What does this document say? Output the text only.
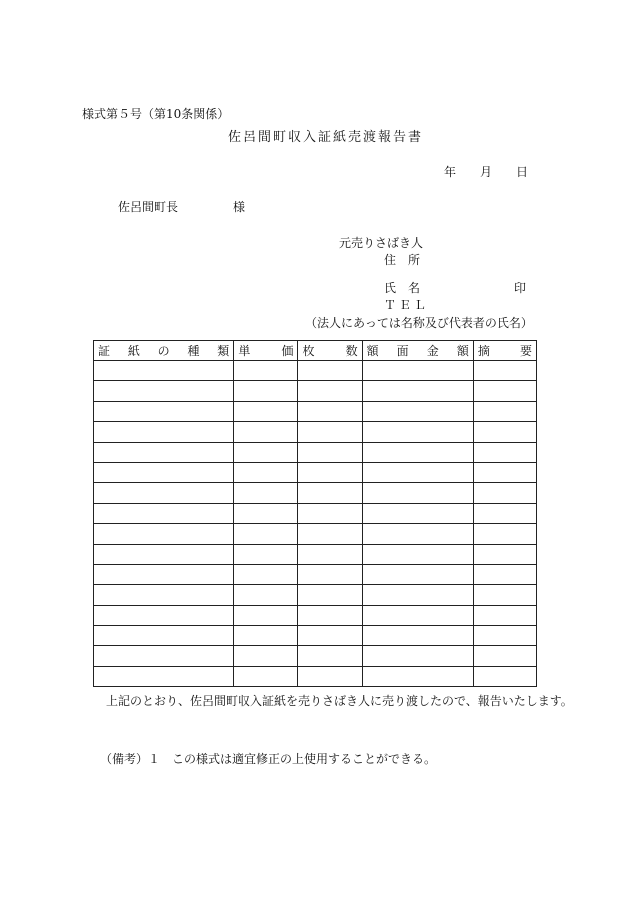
様式第５号（第10条関係）
佐呂間町収入証紙売渡報告書
年 月 日
佐呂間町長	様
元売りさばき人
住　所
氏　名	印
ＴＥＬ
（法人にあっては名称及び代表者の氏名）
証 紙 の 種 類	単 価	枚 数	額 面 金 額	摘 要

上記のとおり、佐呂間町収入証紙を売りさばき人に売り渡したので、報告いたします。
（備考）１　この様式は適宜修正の上使用することができる。
